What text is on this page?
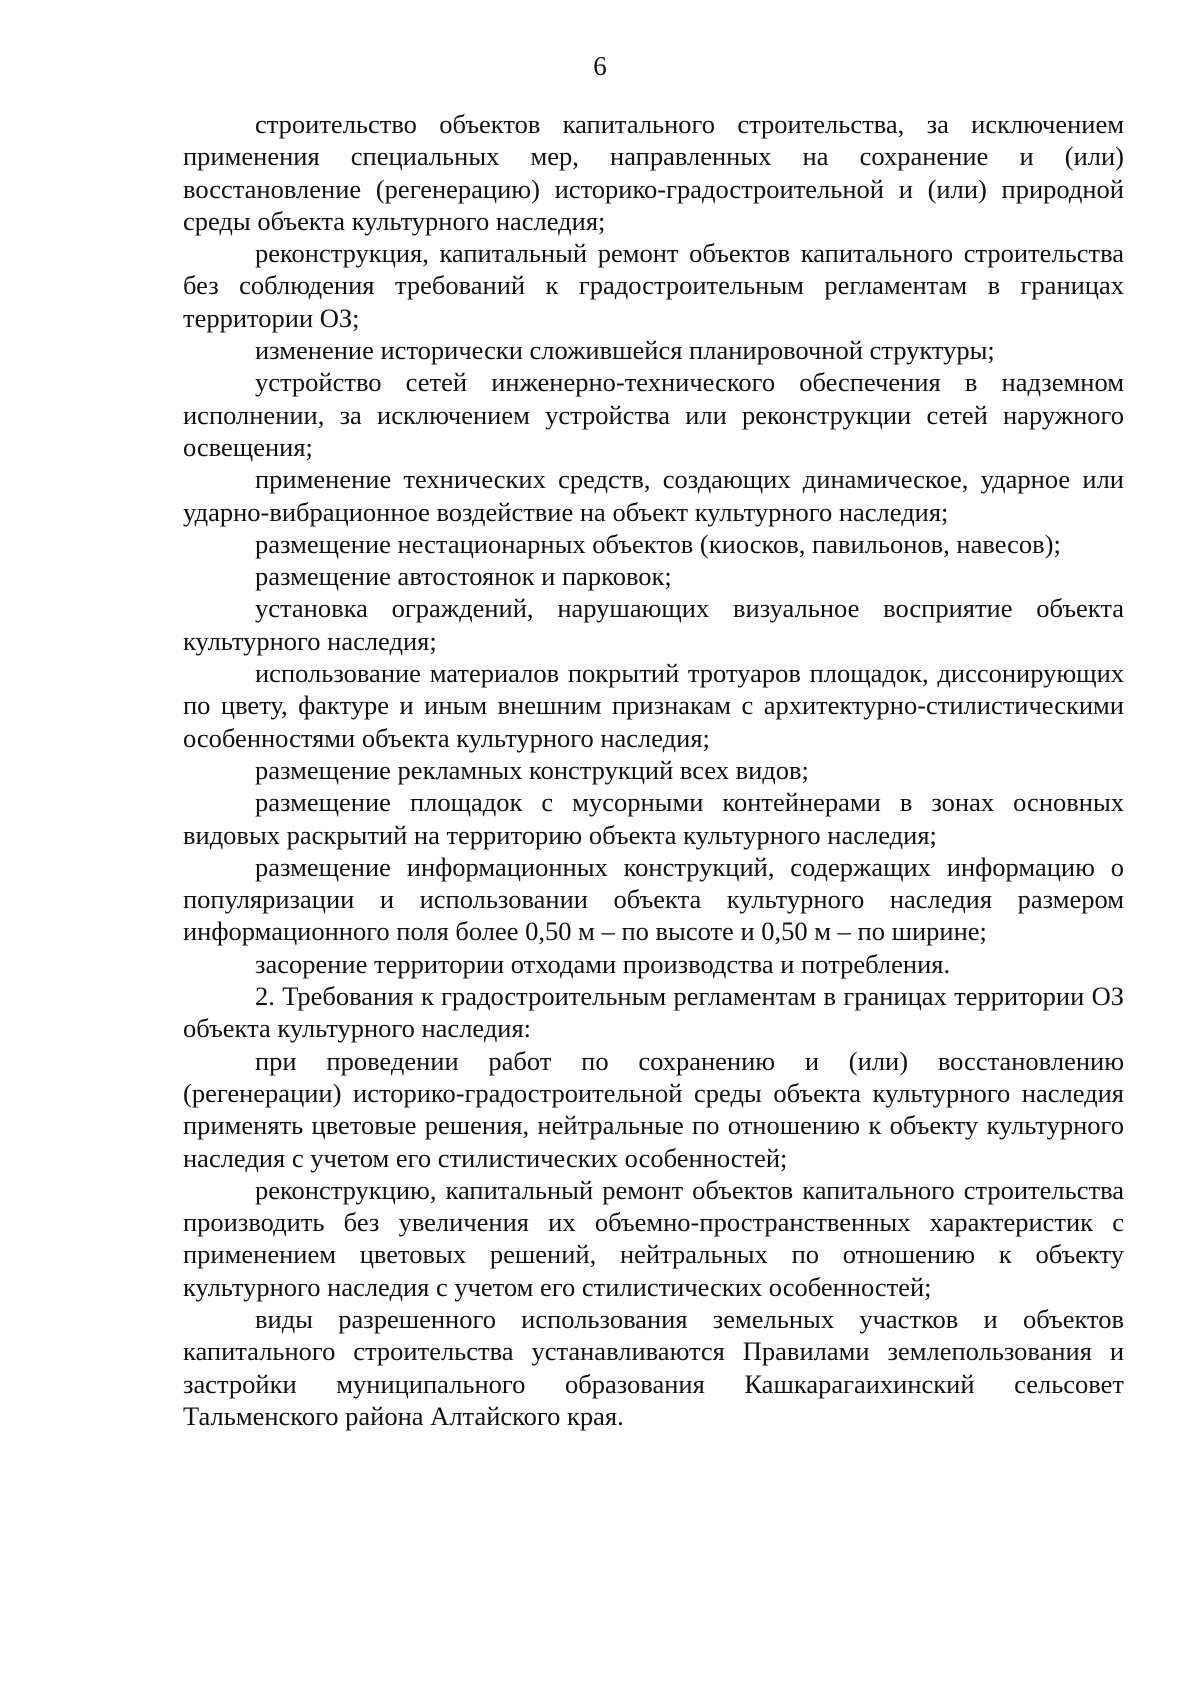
6

строительство объектов капитального строительства, за исключением применения специальных мер, направленных на сохранение и (или) восстановление (регенерацию) историко-градостроительной и (или) природной среды объекта культурного наследия;

реконструкция, капитальный ремонт объектов капитального строительства без соблюдения требований к градостроительным регламентам в границах территории ОЗ;

изменение исторически сложившейся планировочной структуры;

устройство сетей инженерно-технического обеспечения в надземном исполнении, за исключением устройства или реконструкции сетей наружного освещения;

применение технических средств, создающих динамическое, ударное или ударно-вибрационное воздействие на объект культурного наследия;

размещение нестационарных объектов (киосков, павильонов, навесов);

размещение автостоянок и парковок;

установка ограждений, нарушающих визуальное восприятие объекта культурного наследия;

использование материалов покрытий тротуаров площадок, диссонирующих по цвету, фактуре и иным внешним признакам с архитектурно-стилистическими особенностями объекта культурного наследия;

размещение рекламных конструкций всех видов;

размещение площадок с мусорными контейнерами в зонах основных видовых раскрытий на территорию объекта культурного наследия;

размещение информационных конструкций, содержащих информацию о популяризации и использовании объекта культурного наследия размером информационного поля более 0,50 м – по высоте и 0,50 м – по ширине;

засорение территории отходами производства и потребления.

2. Требования к градостроительным регламентам в границах территории ОЗ объекта культурного наследия:

при проведении работ по сохранению и (или) восстановлению (регенерации) историко-градостроительной среды объекта культурного наследия применять цветовые решения, нейтральные по отношению к объекту культурного наследия с учетом его стилистических особенностей;

реконструкцию, капитальный ремонт объектов капитального строительства производить без увеличения их объемно-пространственных характеристик с применением цветовых решений, нейтральных по отношению к объекту культурного наследия с учетом его стилистических особенностей;

виды разрешенного использования земельных участков и объектов капитального строительства устанавливаются Правилами землепользования и застройки муниципального образования Кашкарагаихинский сельсовет Тальменского района Алтайского края.
